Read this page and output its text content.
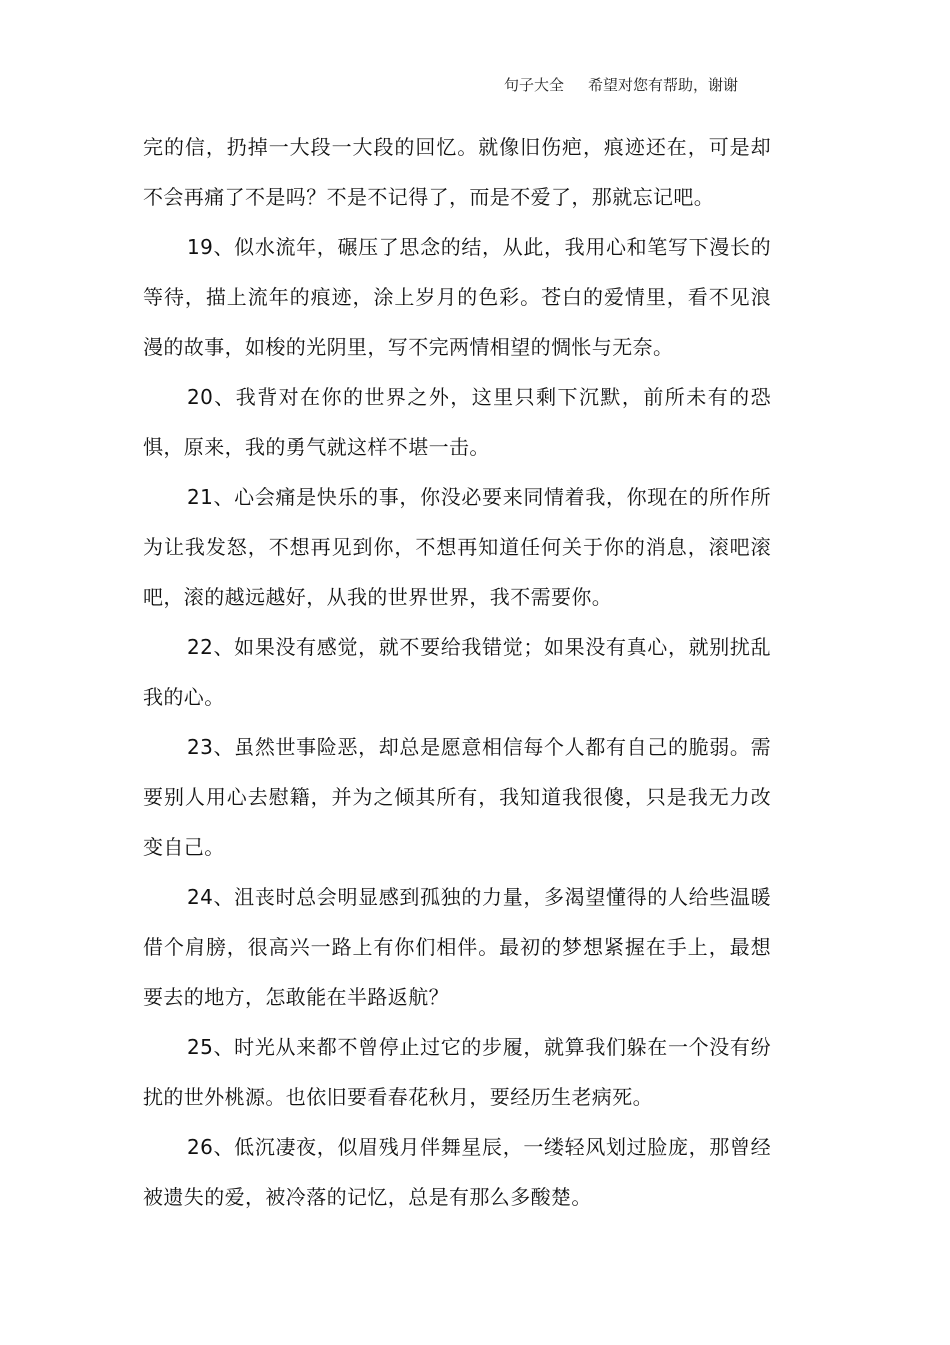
句子大全 希望对您有帮助，谢谢

完的信，扔掉一大段一大段的回忆。就像旧伤疤，痕迹还在，可是却不会再痛了不是吗？不是不记得了，而是不爱了，那就忘记吧。

19、似水流年，碾压了思念的结，从此，我用心和笔写下漫长的等待，描上流年的痕迹，涂上岁月的色彩。苍白的爱情里，看不见浪漫的故事，如梭的光阴里，写不完两情相望的惆怅与无奈。

20、我背对在你的世界之外，这里只剩下沉默，前所未有的恐惧，原来，我的勇气就这样不堪一击。

21、心会痛是快乐的事，你没必要来同情着我，你现在的所作所为让我发怒，不想再见到你，不想再知道任何关于你的消息，滚吧滚吧，滚的越远越好，从我的世界世界，我不需要你。

22、如果没有感觉，就不要给我错觉；如果没有真心，就别扰乱我的心。

23、虽然世事险恶，却总是愿意相信每个人都有自己的脆弱。需要别人用心去慰籍，并为之倾其所有，我知道我很傻，只是我无力改变自己。

24、沮丧时总会明显感到孤独的力量，多渴望懂得的人给些温暖借个肩膀，很高兴一路上有你们相伴。最初的梦想紧握在手上，最想要去的地方，怎敢能在半路返航？

25、时光从来都不曾停止过它的步履，就算我们躲在一个没有纷扰的世外桃源。也依旧要看春花秋月，要经历生老病死。

26、低沉凄夜，似眉残月伴舞星辰，一缕轻风划过脸庞，那曾经被遗失的爱，被冷落的记忆，总是有那么多酸楚。
